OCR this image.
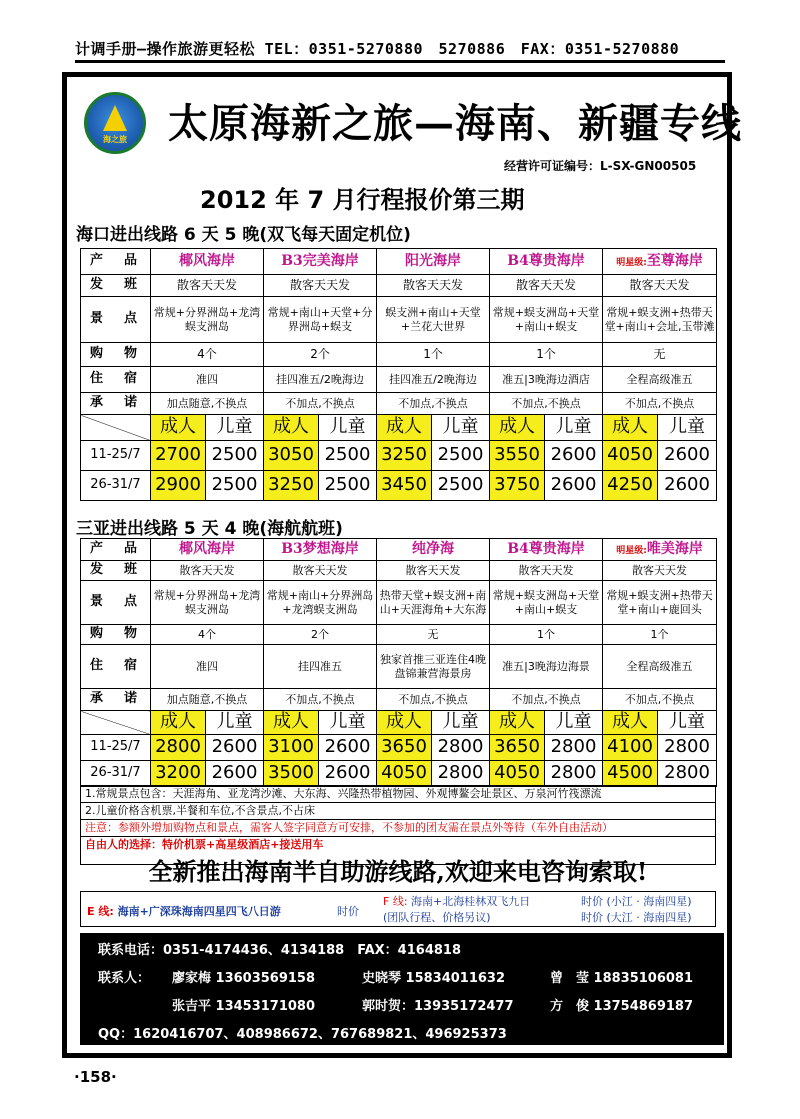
计调手册—操作旅游更轻松 TEL：0351-5270880　5270886　FAX：0351-5270880
海之旅	太原海新之旅—海南、新疆专线
经营许可证编号：L-SX-GN00505
2012 年 7 月行程报价第三期
海口进出线路 6 天 5 晚(双飞每天固定机位)
产　品	椰风海岸		B3完美海岸		阳光海岸		B4尊贵海岸		明星级:至尊海岸	
发　班	散客天天发		散客天天发		散客天天发		散客天天发		散客天天发	
景　点	常规+分界洲岛+龙湾蜈支洲岛		常规+南山+天堂+分界洲岛+蜈支		蜈支洲+南山+天堂+兰花大世界		常规+蜈支洲岛+天堂+南山+蜈支		常规+蜈支洲+热带天堂+南山+会址,玉带滩	
购　物	4个		2个		1个		1个		无	
住　宿	准四		挂四准五/2晚海边		挂四准五/2晚海边		准五|3晚海边酒店		全程高级准五	
承　诺	加点随意,不换点		不加点,不换点		不加点,不换点		不加点,不换点		不加点,不换点	
	成人	儿童	成人	儿童	成人	儿童	成人	儿童	成人	儿童
11-25/7	2700	2500	3050	2500	3250	2500	3550	2600	4050	2600
26-31/7	2900	2500	3250	2500	3450	2500	3750	2600	4250	2600
三亚进出线路 5 天 4 晚(海航航班)
产　品	椰风海岸		B3梦想海岸		纯净海		B4尊贵海岸		明星级:唯美海岸	
发　班	散客天天发		散客天天发		散客天天发		散客天天发		散客天天发	
景　点	常规+分界洲岛+龙湾蜈支洲岛		常规+南山+分界洲岛+龙湾蜈支洲岛		热带天堂+蜈支洲+南山+天涯海角+大东海		常规+蜈支洲岛+天堂+南山+蜈支		常规+蜈支洲+热带天堂+南山+鹿回头	
购　物	4个		2个		无		1个		1个	
住　宿	准四		挂四准五		独家首推三亚连住4晚盘锦兼营海景房		准五|3晚海边海景		全程高级准五	
承　诺	加点随意,不换点		不加点,不换点		不加点,不换点		不加点,不换点		不加点,不换点	
	成人	儿童	成人	儿童	成人	儿童	成人	儿童	成人	儿童
11-25/7	2800	2600	3100	2600	3650	2800	3650	2800	4100	2800
26-31/7	3200	2600	3500	2600	4050	2800	4050	2800	4500	2800
1.常规景点包含：天涯海角、亚龙湾沙滩、大东海、兴隆热带植物园、外观博鳌会址景区、万泉河竹筏漂流
2.儿童价格含机票,半餐和车位,不含景点,不占床
注意：参额外增加购物点和景点，需客人签字同意方可安排，不参加的团友需在景点外等待（车外自由活动）
自由人的选择：特价机票+高星级酒店+接送用车
全新推出海南半自助游线路,欢迎来电咨询索取!
E 线: 海南+广深珠海南四星四飞八日游	时价
F 线: 海南+北海桂林双飞九日
(团队行程、价格另议)
时价 (小江 · 海南四星)
时价 (大江 · 海南四星)
联系电话：0351-4174436、4134188　FAX：4164818
联系人： 廖家梅 13603569158	史晓琴 15834011632	曾　莹 18835106081
张吉平 13453171080	郭时贺：13935172477	方　俊 13754869187
QQ：1620416707、408986672、767689821、496925373
·158·
